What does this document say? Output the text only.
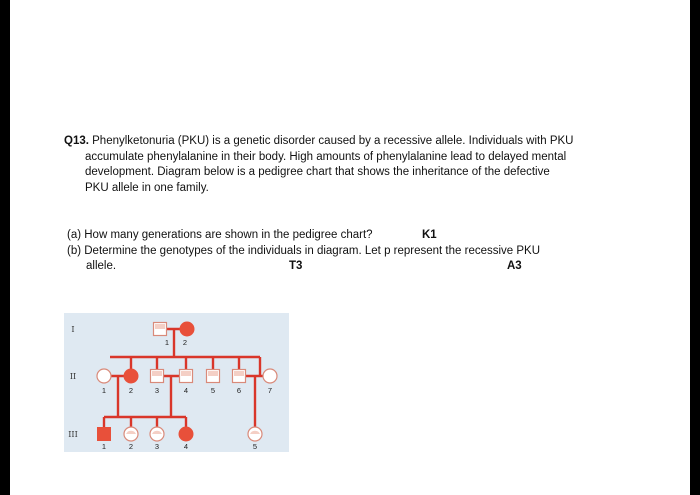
Q13. Phenylketonuria (PKU) is a genetic disorder caused by a recessive allele. Individuals with PKU
accumulate phenylalanine in their body. High amounts of phenylalanine lead to delayed mental
development. Diagram below is a pedigree chart that shows the inheritance of the defective
PKU allele in one family.
(a) How many generations are shown in the pedigree chart?	K1
(b) Determine the genotypes of the individuals in diagram. Let p represent the recessive PKU
allele.	T3	A3
I
II
III
1 2
1	2	3	4	5	6	7
1	2	3	4	5
